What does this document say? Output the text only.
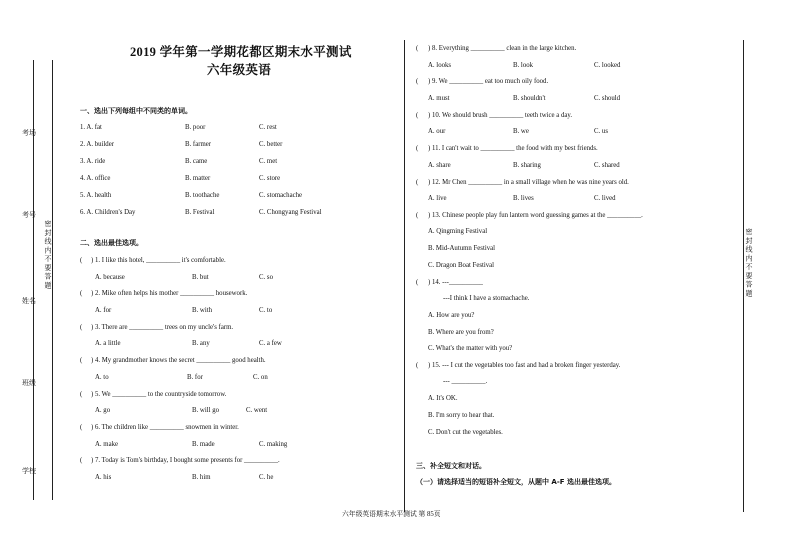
考场
考号
姓名
班级
学校
密 封 线 内 不 要 答 题	密 封 线 内 不 要 答 题
2019 学年第一学期花都区期末水平测试
六年级英语
一、选出下列每组中不同类的单词。
1. A. fat	B. poor	C. rest
2. A. builder	B. farmer	C. better
3. A. ride	B. came	C. met
4. A. office	B. matter	C. store
5. A. health	B. toothache	C. stomachache
6. A. Children's Day	B. Festival	C. Chongyang Festival
二、选出最佳选项。
( ) 1. I like this hotel, __________ it's comfortable.
A. because	B. but	C. so
( ) 2. Mike often helps his mother __________ housework.
A. for	B. with	C. to
( ) 3. There are __________ trees on my uncle's farm.
A. a little	B. any	C. a few
( ) 4. My grandmother knows the secret __________ good health.
A. to	B. for	C. on
( ) 5. We __________ to the countryside tomorrow.
A. go	B. will go	C. went
( ) 6. The children like __________ snowmen in winter.
A. make	B. made	C. making
( ) 7. Today is Tom's birthday, I bought some presents for __________.
A. his	B. him	C. he
( ) 8. Everything __________ clean in the large kitchen.
A. looks	B. look	C. looked
( ) 9. We __________ eat too much oily food.
A. must	B. shouldn't	C. should
( ) 10. We should brush __________ teeth twice a day.
A. our	B. we	C. us
( ) 11. I can't wait to __________ the food with my best friends.
A. share	B. sharing	C. shared
( ) 12. Mr Chen __________ in a small village when he was nine years old.
A. live	B. lives	C. lived
( ) 13. Chinese people play fun lantern word guessing games at the __________.
A. Qingming Festival
B. Mid-Autumn Festival
C. Dragon Boat Festival
( ) 14. ---__________
---I think I have a stomachache.
A. How are you?
B. Where are you from?
C. What's the matter with you?
( ) 15. --- I cut the vegetables too fast and had a broken finger yesterday.
--- __________.
A. It's OK.
B. I'm sorry to hear that.
C. Don't cut the vegetables.
三、补全短文和对话。
（一）请选择适当的短语补全短文，从题中 A-F 选出最佳选项。
六年级英语期末水平测试 第 85页
